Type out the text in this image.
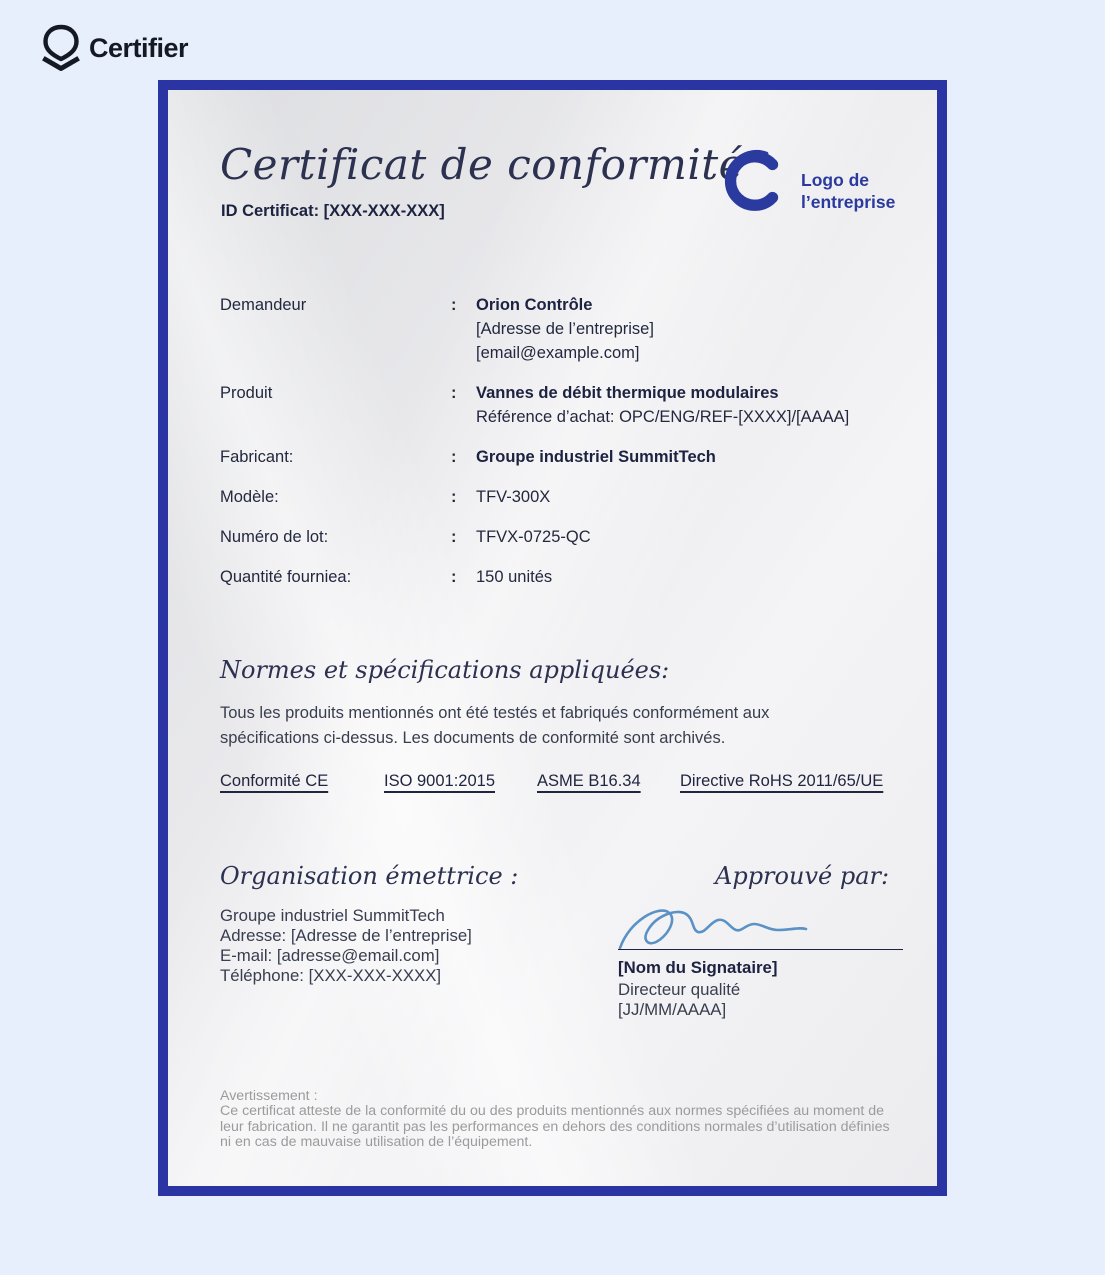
Certifier
Certificat de conformité
ID Certificat: [XXX-XXX-XXX]
Logo de
l’entreprise
Demandeur	: Orion Contrôle
[Adresse de l’entreprise]
[email@example.com]
Produit	: Vannes de débit thermique modulaires
Référence d’achat: OPC/ENG/REF-[XXXX]/[AAAA]
Fabricant:	: Groupe industriel SummitTech
Modèle:	: TFV-300X
Numéro de lot:	: TFVX-0725-QC
Quantité fourniea:	: 150 unités
Normes et spécifications appliquées:
Tous les produits mentionnés ont été testés et fabriqués conformément aux spécifications ci-dessus. Les documents de conformité sont archivés.
Conformité CE	ISO 9001:2015	ASME B16.34 Directive RoHS 2011/65/UE
Organisation émettrice :	Approuvé par:
Groupe industriel SummitTech
Adresse: [Adresse de l’entreprise]
E-mail: [adresse@email.com]
Téléphone: [XXX-XXX-XXXX]	[Nom du Signataire]
Directeur qualité
[JJ/MM/AAAA]
Avertissement :
Ce certificat atteste de la conformité du ou des produits mentionnés aux normes spécifiées au moment de leur fabrication. Il ne garantit pas les performances en dehors des conditions normales d’utilisation définies ni en cas de mauvaise utilisation de l’équipement.
